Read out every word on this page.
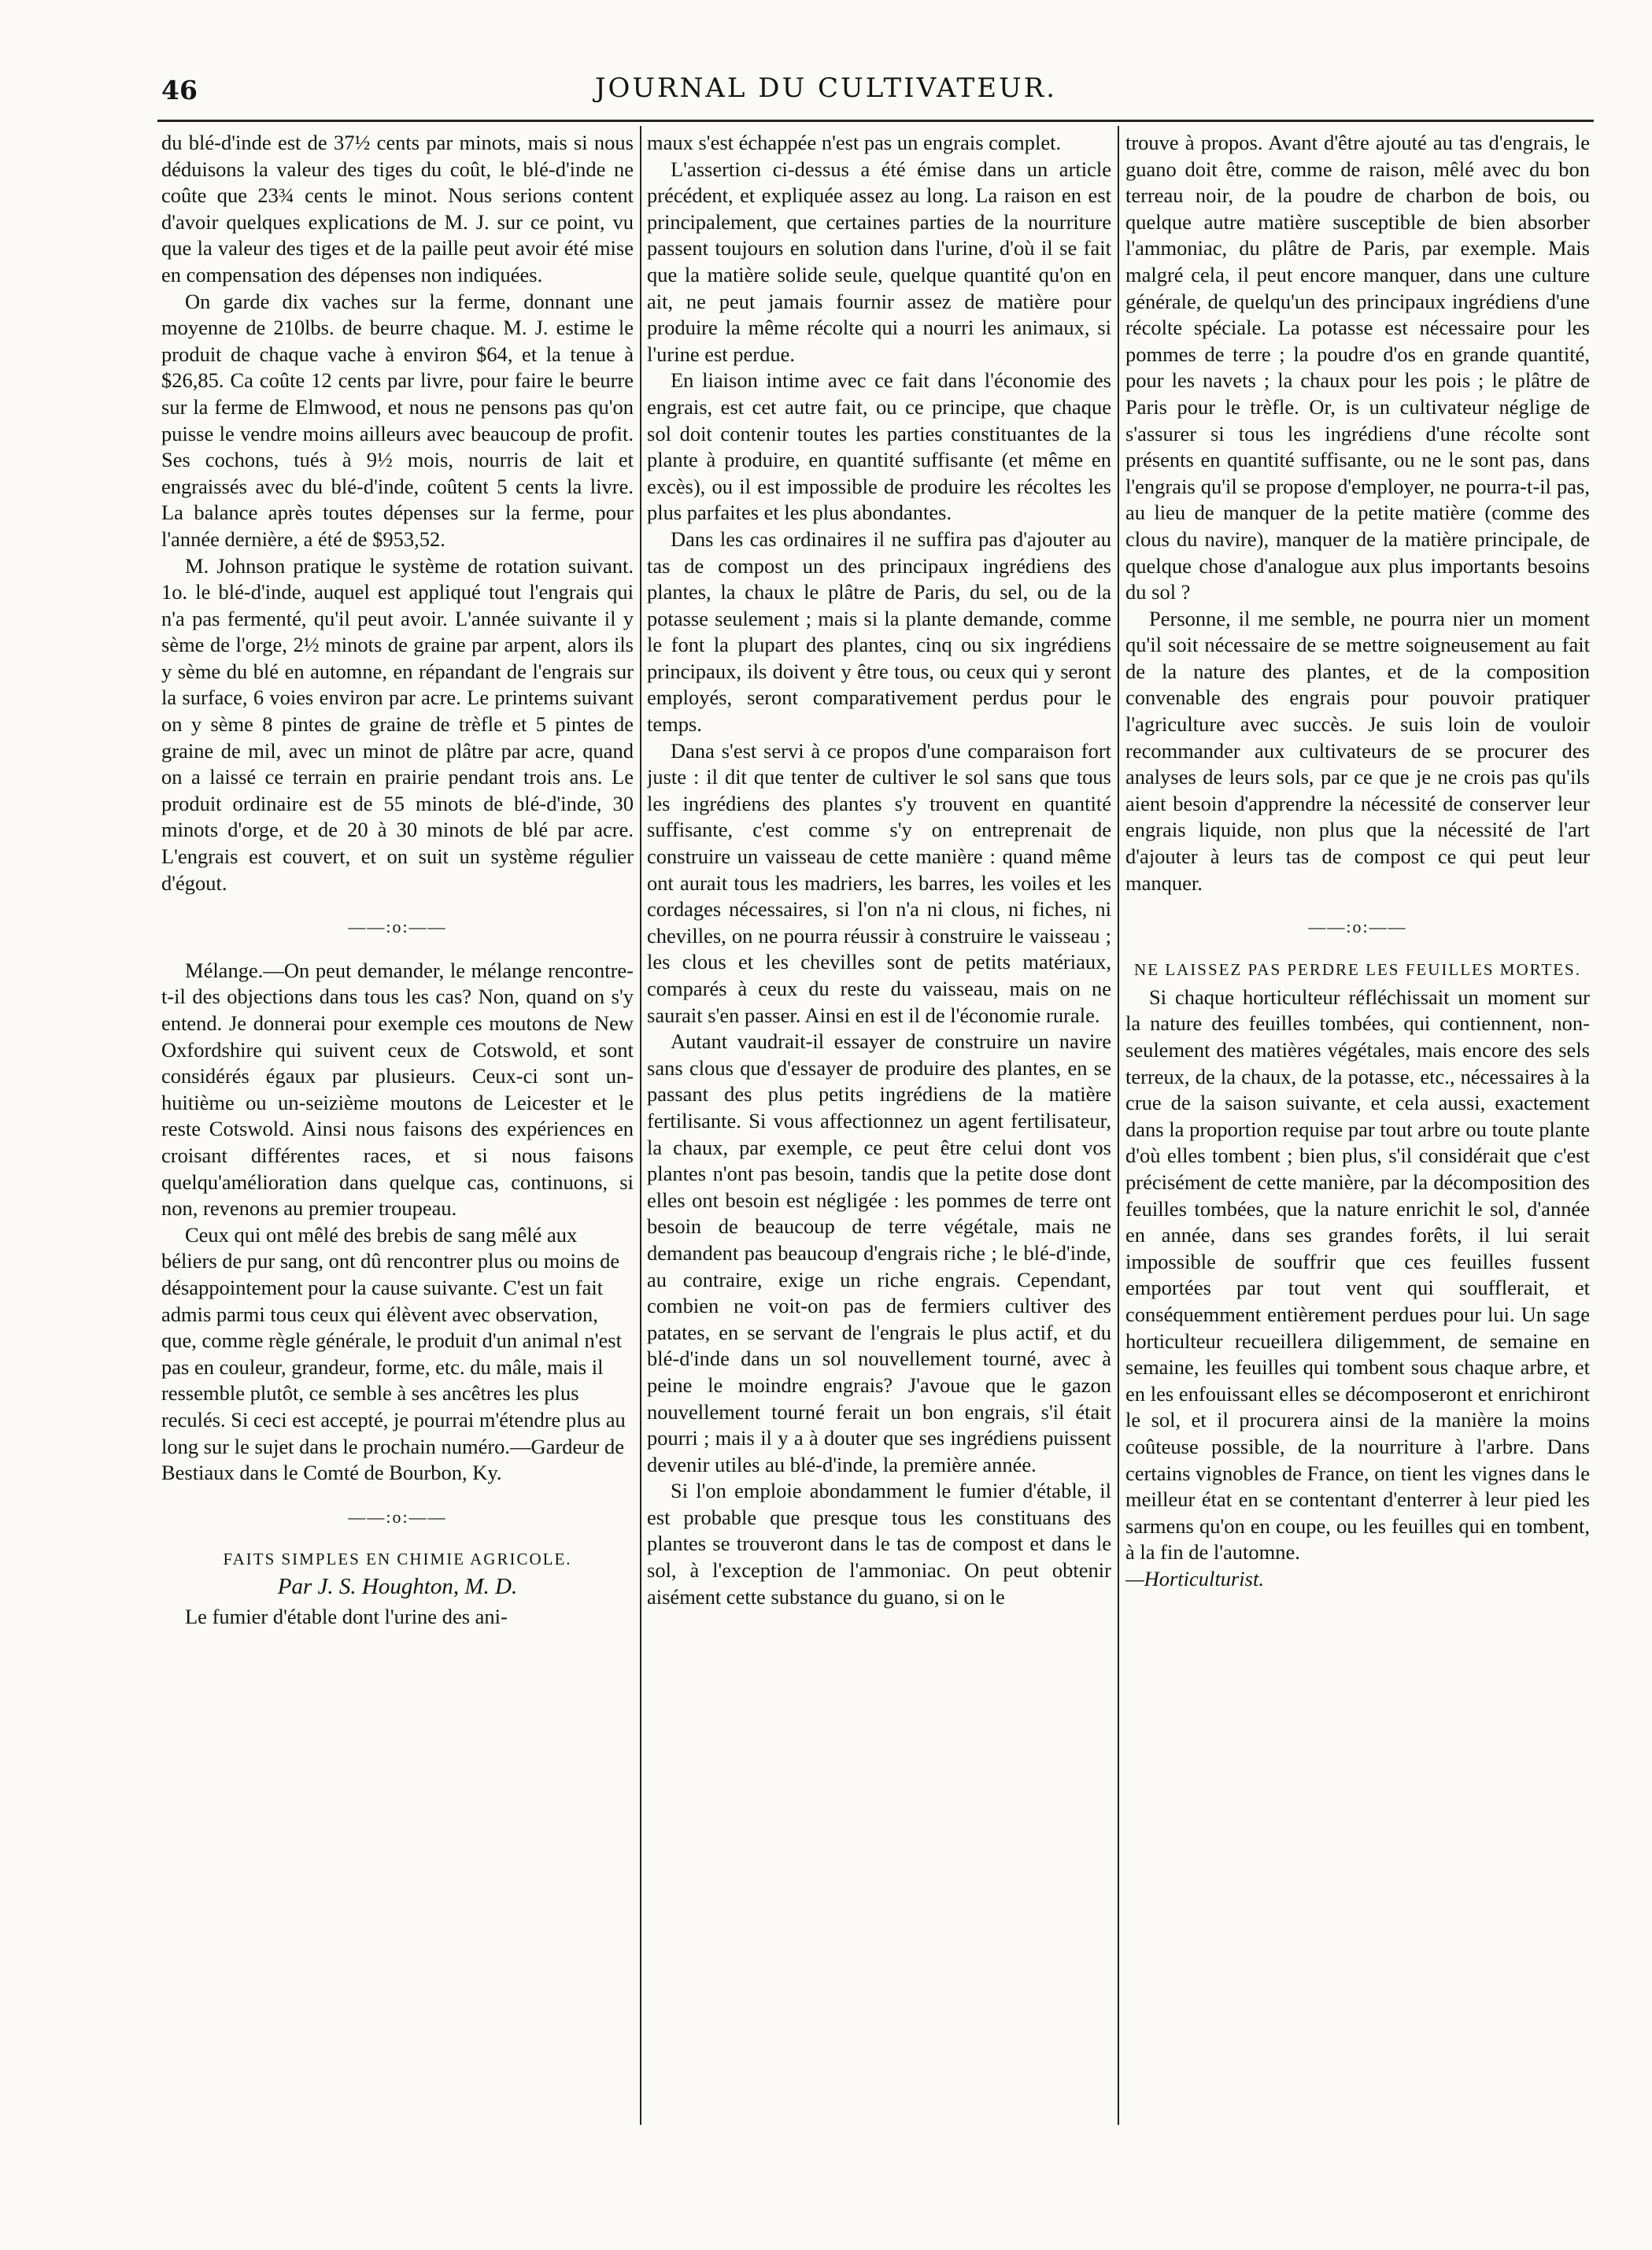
46	JOURNAL DU CULTIVATEUR.

du blé-d'inde est de 37½ cents par minots, mais si nous déduisons la valeur des tiges du coût, le blé-d'inde ne coûte que 23¾ cents le minot. Nous serions content d'avoir quelques explications de M. J. sur ce point, vu que la valeur des tiges et de la paille peut avoir été mise en compensation des dépenses non indiquées.

On garde dix vaches sur la ferme, donnant une moyenne de 210lbs. de beurre chaque. M. J. estime le produit de chaque vache à environ $64, et la tenue à $26,85. Ca coûte 12 cents par livre, pour faire le beurre sur la ferme de Elmwood, et nous ne pensons pas qu'on puisse le vendre moins ailleurs avec beaucoup de profit. Ses cochons, tués à 9½ mois, nourris de lait et engraissés avec du blé-d'inde, coûtent 5 cents la livre. La balance après toutes dépenses sur la ferme, pour l'année dernière, a été de $953,52.

M. Johnson pratique le système de rotation suivant. 1o. le blé-d'inde, auquel est appliqué tout l'engrais qui n'a pas fermenté, qu'il peut avoir. L'année suivante il y sème de l'orge, 2½ minots de graine par arpent, alors ils y sème du blé en automne, en répandant de l'engrais sur la surface, 6 voies environ par acre. Le printems suivant on y sème 8 pintes de graine de trèfle et 5 pintes de graine de mil, avec un minot de plâtre par acre, quand on a laissé ce terrain en prairie pendant trois ans. Le produit ordinaire est de 55 minots de blé-d'inde, 30 minots d'orge, et de 20 à 30 minots de blé par acre. L'engrais est couvert, et on suit un système régulier d'égout.

——:o:——

Mélange.—On peut demander, le mélange rencontre-t-il des objections dans tous les cas? Non, quand on s'y entend. Je donnerai pour exemple ces moutons de New Oxfordshire qui suivent ceux de Cotswold, et sont considérés égaux par plusieurs. Ceux-ci sont un-huitième ou un-seizième moutons de Leicester et le reste Cotswold. Ainsi nous faisons des expériences en croisant différentes races, et si nous faisons quelqu'amélioration dans quelque cas, continuons, si non, revenons au premier troupeau.

Ceux qui ont mêlé des brebis de sang mêlé aux béliers de pur sang, ont dû rencontrer plus ou moins de désappointement pour la cause suivante. C'est un fait admis parmi tous ceux qui élèvent avec observation, que, comme règle générale, le produit d'un animal n'est pas en couleur, grandeur, forme, etc. du mâle, mais il ressemble plutôt, ce semble à ses ancêtres les plus reculés. Si ceci est accepté, je pourrai m'étendre plus au long sur le sujet dans le prochain numéro.—Gardeur de Bestiaux dans le Comté de Bourbon, Ky.

——:o:——
FAITS SIMPLES EN CHIMIE AGRICOLE.
Par J. S. Houghton, M. D.

Le fumier d'étable dont l'urine des ani-

maux s'est échappée n'est pas un engrais complet.

L'assertion ci-dessus a été émise dans un article précédent, et expliquée assez au long. La raison en est principalement, que certaines parties de la nourriture passent toujours en solution dans l'urine, d'où il se fait que la matière solide seule, quelque quantité qu'on en ait, ne peut jamais fournir assez de matière pour produire la même récolte qui a nourri les animaux, si l'urine est perdue.

En liaison intime avec ce fait dans l'économie des engrais, est cet autre fait, ou ce principe, que chaque sol doit contenir toutes les parties constituantes de la plante à produire, en quantité suffisante (et même en excès), ou il est impossible de produire les récoltes les plus parfaites et les plus abondantes.

Dans les cas ordinaires il ne suffira pas d'ajouter au tas de compost un des principaux ingrédiens des plantes, la chaux le plâtre de Paris, du sel, ou de la potasse seulement ; mais si la plante demande, comme le font la plupart des plantes, cinq ou six ingrédiens principaux, ils doivent y être tous, ou ceux qui y seront employés, seront comparativement perdus pour le temps.

Dana s'est servi à ce propos d'une comparaison fort juste : il dit que tenter de cultiver le sol sans que tous les ingrédiens des plantes s'y trouvent en quantité suffisante, c'est comme s'y on entreprenait de construire un vaisseau de cette manière : quand même ont aurait tous les madriers, les barres, les voiles et les cordages nécessaires, si l'on n'a ni clous, ni fiches, ni chevilles, on ne pourra réussir à construire le vaisseau ; les clous et les chevilles sont de petits matériaux, comparés à ceux du reste du vaisseau, mais on ne saurait s'en passer. Ainsi en est il de l'économie rurale.

Autant vaudrait-il essayer de construire un navire sans clous que d'essayer de produire des plantes, en se passant des plus petits ingrédiens de la matière fertilisante. Si vous affectionnez un agent fertilisateur, la chaux, par exemple, ce peut être celui dont vos plantes n'ont pas besoin, tandis que la petite dose dont elles ont besoin est négligée : les pommes de terre ont besoin de beaucoup de terre végétale, mais ne demandent pas beaucoup d'engrais riche ; le blé-d'inde, au contraire, exige un riche engrais. Cependant, combien ne voit-on pas de fermiers cultiver des patates, en se servant de l'engrais le plus actif, et du blé-d'inde dans un sol nouvellement tourné, avec à peine le moindre engrais? J'avoue que le gazon nouvellement tourné ferait un bon engrais, s'il était pourri ; mais il y a à douter que ses ingrédiens puissent devenir utiles au blé-d'inde, la première année.

Si l'on emploie abondamment le fumier d'étable, il est probable que presque tous les constituans des plantes se trouveront dans le tas de compost et dans le sol, à l'exception de l'ammoniac. On peut obtenir aisément cette substance du guano, si on le

trouve à propos. Avant d'être ajouté au tas d'engrais, le guano doit être, comme de raison, mêlé avec du bon terreau noir, de la poudre de charbon de bois, ou quelque autre matière susceptible de bien absorber l'ammoniac, du plâtre de Paris, par exemple. Mais malgré cela, il peut encore manquer, dans une culture générale, de quelqu'un des principaux ingrédiens d'une récolte spéciale. La potasse est nécessaire pour les pommes de terre ; la poudre d'os en grande quantité, pour les navets ; la chaux pour les pois ; le plâtre de Paris pour le trèfle. Or, is un cultivateur néglige de s'assurer si tous les ingrédiens d'une récolte sont présents en quantité suffisante, ou ne le sont pas, dans l'engrais qu'il se propose d'employer, ne pourra-t-il pas, au lieu de manquer de la petite matière (comme des clous du navire), manquer de la matière principale, de quelque chose d'analogue aux plus importants besoins du sol ?

Personne, il me semble, ne pourra nier un moment qu'il soit nécessaire de se mettre soigneusement au fait de la nature des plantes, et de la composition convenable des engrais pour pouvoir pratiquer l'agriculture avec succès. Je suis loin de vouloir recommander aux cultivateurs de se procurer des analyses de leurs sols, par ce que je ne crois pas qu'ils aient besoin d'apprendre la nécessité de conserver leur engrais liquide, non plus que la nécessité de l'art d'ajouter à leurs tas de compost ce qui peut leur manquer.

——:o:——
NE LAISSEZ PAS PERDRE LES FEUILLES MORTES.

Si chaque horticulteur réfléchissait un moment sur la nature des feuilles tombées, qui contiennent, non-seulement des matières végétales, mais encore des sels terreux, de la chaux, de la potasse, etc., nécessaires à la crue de la saison suivante, et cela aussi, exactement dans la proportion requise par tout arbre ou toute plante d'où elles tombent ; bien plus, s'il considérait que c'est précisément de cette manière, par la décomposition des feuilles tombées, que la nature enrichit le sol, d'année en année, dans ses grandes forêts, il lui serait impossible de souffrir que ces feuilles fussent emportées par tout vent qui soufflerait, et conséquemment entièrement perdues pour lui. Un sage horticulteur recueillera diligemment, de semaine en semaine, les feuilles qui tombent sous chaque arbre, et en les enfouissant elles se décomposeront et enrichiront le sol, et il procurera ainsi de la manière la moins coûteuse possible, de la nourriture à l'arbre. Dans certains vignobles de France, on tient les vignes dans le meilleur état en se contentant d'enterrer à leur pied les sarmens qu'on en coupe, ou les feuilles qui en tombent, à la fin de l'automne.

—Horticulturist.
